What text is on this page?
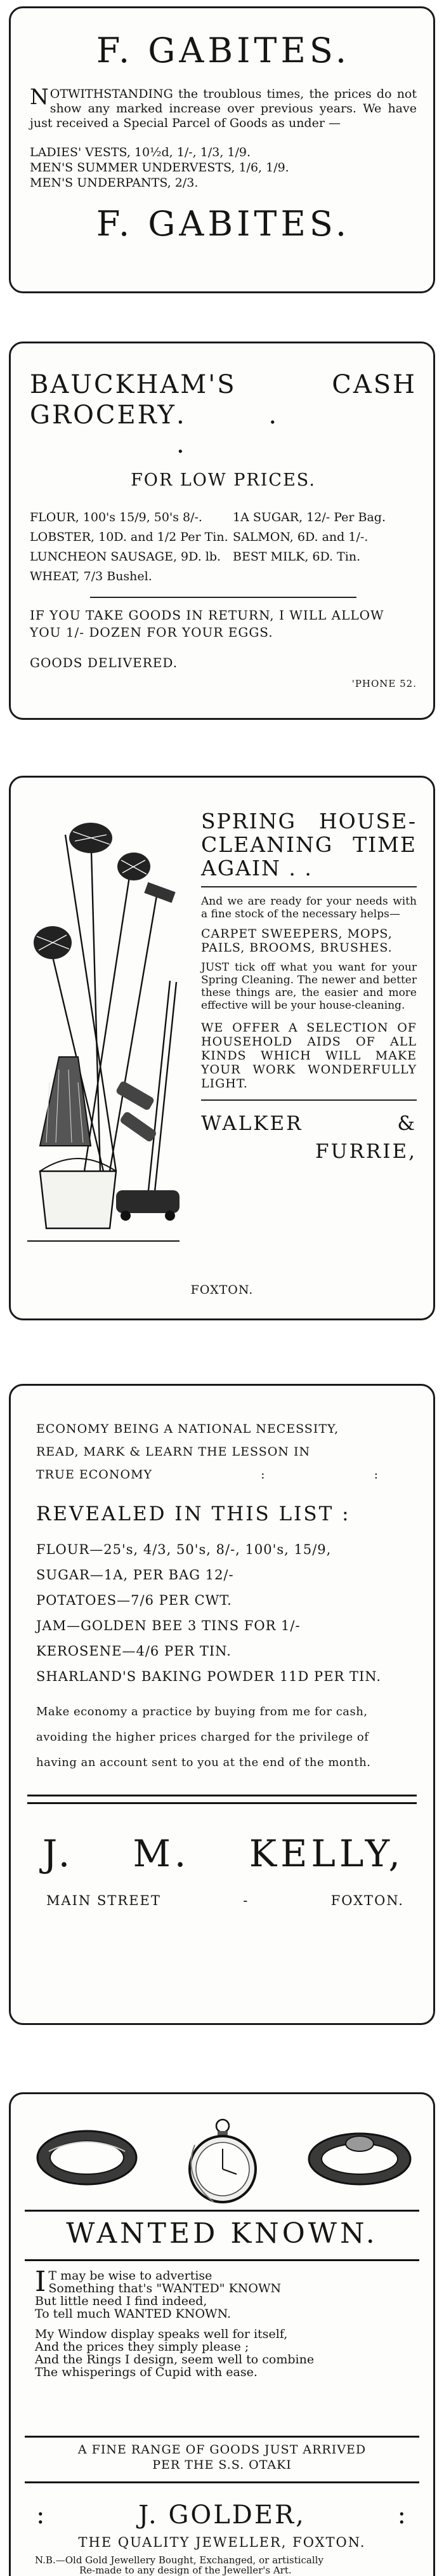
F. GABITES.
NOTWITHSTANDING the troublous times, the prices do not show any marked increase over previous years. We have just received a Special Parcel of Goods as under —
LADIES' VESTS, 10½d, 1/-, 1/3, 1/9.
MEN'S SUMMER UNDERVESTS, 1/6, 1/9.
MEN'S UNDERPANTS, 2/3.
F. GABITES.
BAUCKHAM'S	CASH
GROCERY . . .
FOR LOW PRICES.
FLOUR, 100's 15/9, 50's 8/-.	1A SUGAR, 12/- Per Bag.
LOBSTER, 10D. and 1/2 Per Tin. SALMON, 6D. and 1/-.
LUNCHEON SAUSAGE, 9D. lb. BEST MILK, 6D. Tin.
WHEAT, 7/3 Bushel.
IF YOU TAKE GOODS IN RETURN, I WILL ALLOW YOU 1/- DOZEN FOR YOUR EGGS.
GOODS DELIVERED.
'PHONE 52.
SPRING HOUSE-CLEANING TIME AGAIN . .

And we are ready for your needs with a fine stock of the necessary helps—

CARPET SWEEPERS, MOPS, PAILS, BROOMS, BRUSHES.

JUST tick off what you want for your Spring Cleaning. The newer and better these things are, the easier and more effective will be your house-cleaning.

WE OFFER A SELECTION OF HOUSEHOLD AIDS OF ALL KINDS WHICH WILL MAKE YOUR WORK WONDERFULLY LIGHT.
WALKER	&
FURRIE,
FOXTON.
ECONOMY BEING A NATIONAL NECESSITY,
READ, MARK & LEARN THE LESSON IN
TRUE ECONOMY	:	:
REVEALED IN THIS LIST :
FLOUR—25's, 4/3, 50's, 8/-, 100's, 15/9,
SUGAR—1A, PER BAG 12/-
POTATOES—7/6 PER CWT.
JAM—GOLDEN BEE 3 TINS FOR 1/-
KEROSENE—4/6 PER TIN.
SHARLAND'S BAKING POWDER 11D PER TIN.
Make economy a practice by buying from me for cash,
avoiding the higher prices charged for the privilege of
having an account sent to you at the end of the month.
J. M. KELLY,
MAIN STREET	-	FOXTON.
WANTED KNOWN.

I T may be wise to advertise
Something that's "WANTED" KNOWN
But little need I find indeed,
To tell much WANTED KNOWN.

My Window display speaks well for itself,
And the prices they simply please ;
And the Rings I design, seem well to combine
The whisperings of Cupid with ease.

A FINE RANGE OF GOODS JUST ARRIVED
PER THE S.S. OTAKI
:	J. GOLDER,	:
THE QUALITY JEWELLER, FOXTON.
N.B.—Old Gold Jewellery Bought, Exchanged, or artistically
Re-made to any design of the Jeweller's Art.
